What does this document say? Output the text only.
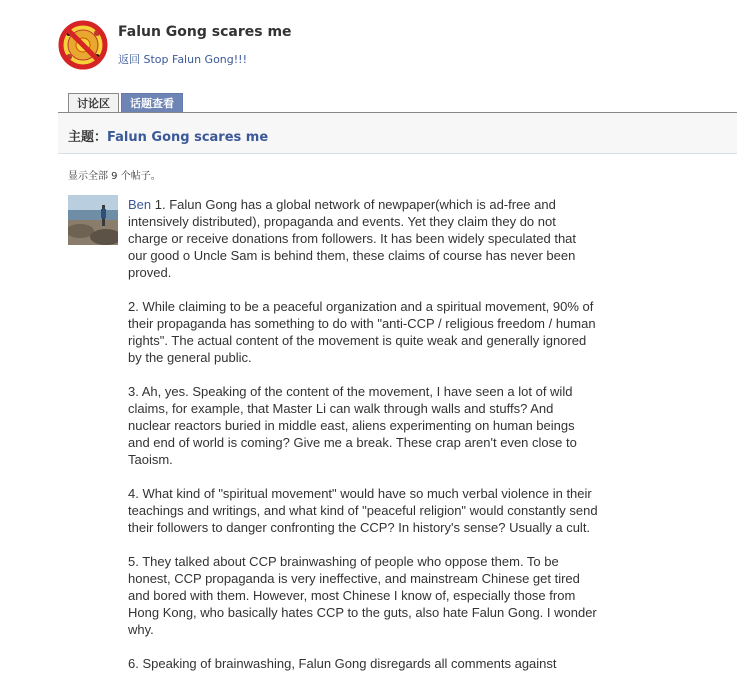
Falun Gong scares me
返回 Stop Falun Gong!!!
讨论区	话题查看
主题：Falun Gong scares me
显示全部 9 个帖子。

Ben 1. Falun Gong has a global network of newpaper(which is ad-free and intensively distributed), propaganda and events. Yet they claim they do not charge or receive donations from followers. It has been widely speculated that our good o Uncle Sam is behind them, these claims of course has never been proved.

2. While claiming to be a peaceful organization and a spiritual movement, 90% of their propaganda has something to do with "anti-CCP / religious freedom / human rights". The actual content of the movement is quite weak and generally ignored by the general public.

3. Ah, yes. Speaking of the content of the movement, I have seen a lot of wild claims, for example, that Master Li can walk through walls and stuffs? And nuclear reactors buried in middle east, aliens experimenting on human beings and end of world is coming? Give me a break. These crap aren't even close to Taoism.

4. What kind of "spiritual movement" would have so much verbal violence in their teachings and writings, and what kind of "peaceful religion" would constantly send their followers to danger confronting the CCP? In history's sense? Usually a cult.

5. They talked about CCP brainwashing of people who oppose them. To be honest, CCP propaganda is very ineffective, and mainstream Chinese get tired and bored with them. However, most Chinese I know of, especially those from Hong Kong, who basically hates CCP to the guts, also hate Falun Gong. I wonder why.

6. Speaking of brainwashing, Falun Gong disregards all comments against
